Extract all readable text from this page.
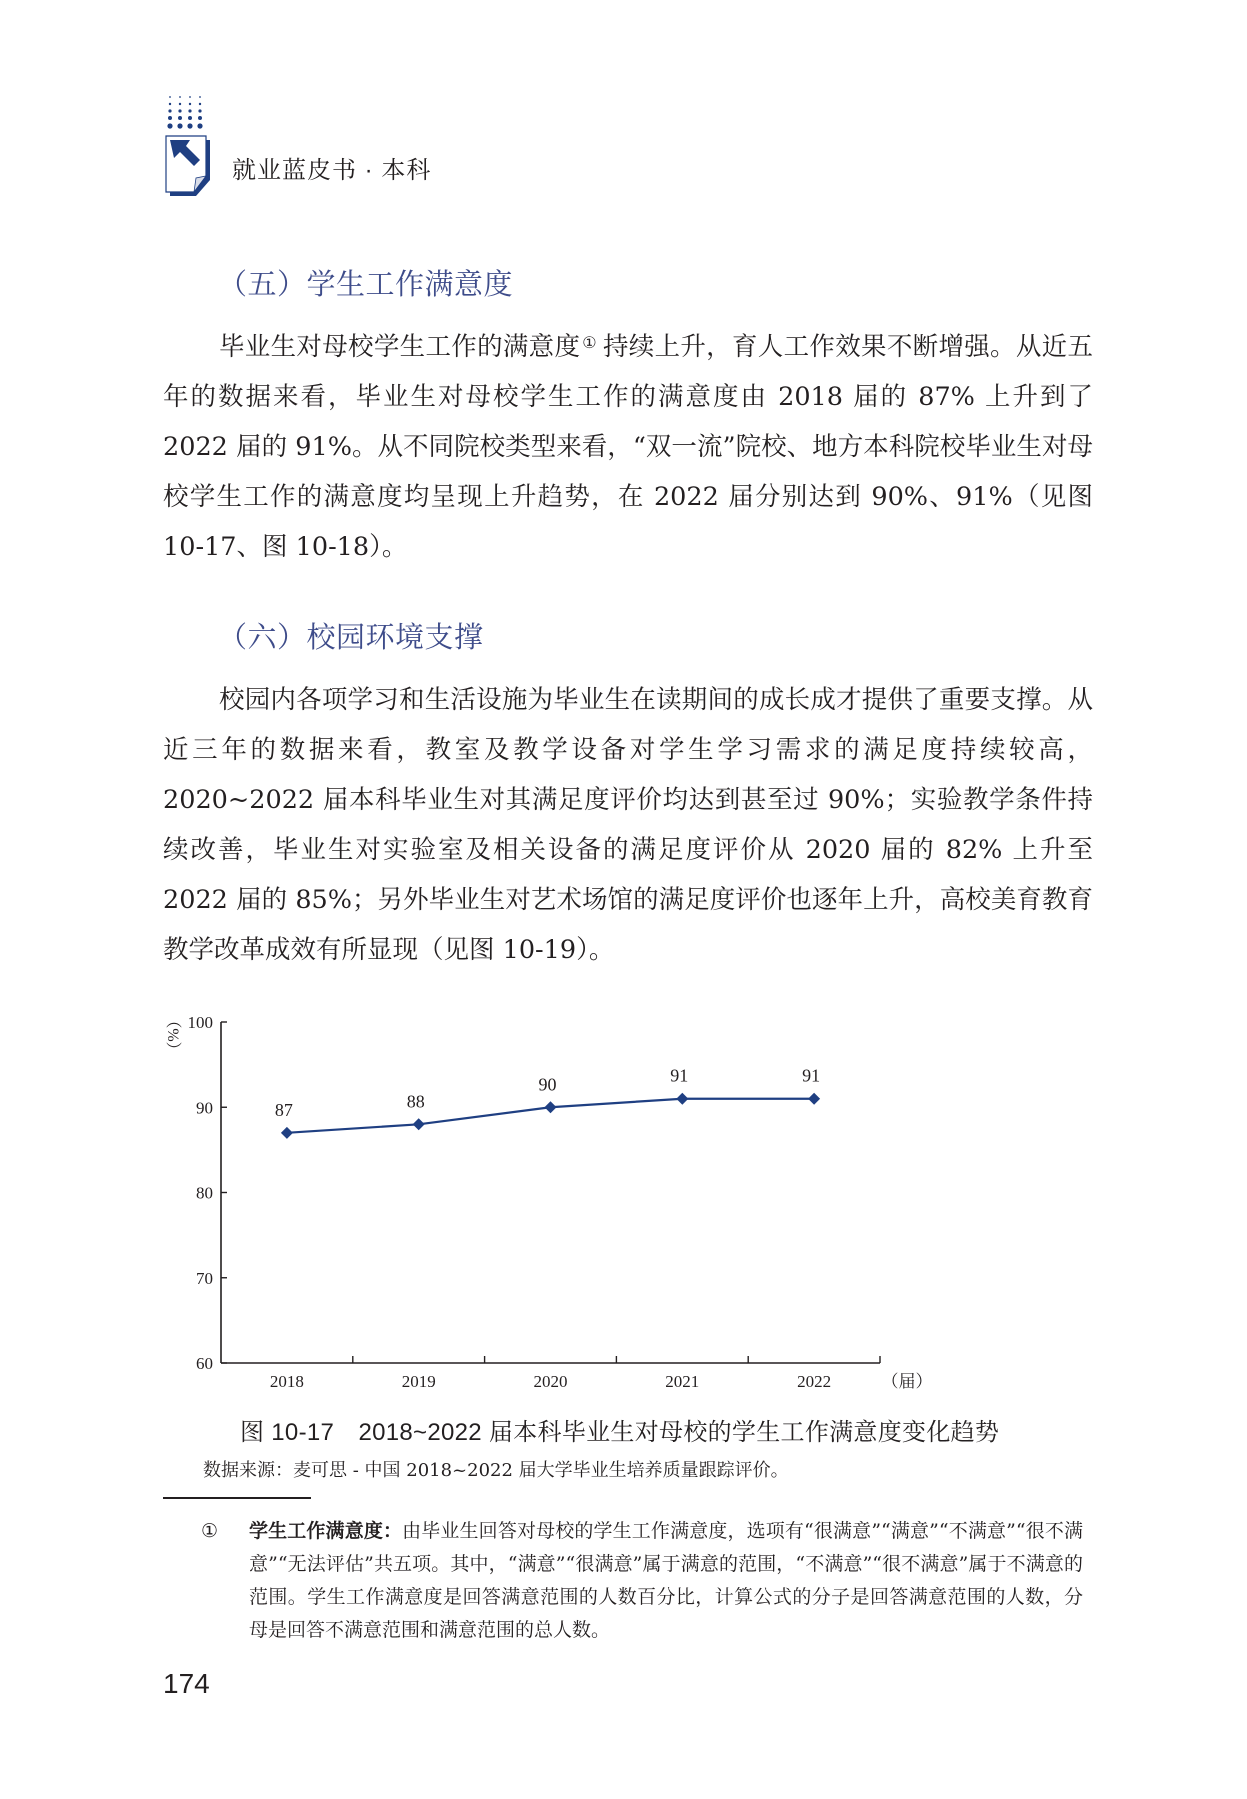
就业蓝皮书 · 本科
（五）学生工作满意度

毕业生对母校学生工作的满意度 ① 持续上升，育人工作效果不断增强。从近五年的数据来看，毕业生对母校学生工作的满意度由 2018 届的 87% 上升到了 2022 届的 91%。从不同院校类型来看，“双一流”院校、地方本科院校毕业生对母校学生工作的满意度均呈现上升趋势，在 2022 届分别达到 90%、91%（见图 10-17、图 10-18）。

（六）校园环境支撑

校园内各项学习和生活设施为毕业生在读期间的成长成才提供了重要支撑。从近三年的数据来看，教室及教学设备对学生学习需求的满足度持续较高，2020~2022 届本科毕业生对其满足度评价均达到甚至过 90%；实验教学条件持续改善，毕业生对实验室及相关设备的满足度评价从 2020 届的 82% 上升至 2022 届的 85%；另外毕业生对艺术场馆的满足度评价也逐年上升，高校美育教育教学改革成效有所显现（见图 10-19）。

60
70
80
90
100
（%）
2018	2019	2020	2021	2022	（届）
87	88
90	91	91
图 10-17　2018~2022 届本科毕业生对母校的学生工作满意度变化趋势
数据来源：麦可思 - 中国 2018~2022 届大学毕业生培养质量跟踪评价。
① 学生工作满意度：由毕业生回答对母校的学生工作满意度，选项有“很满意”“满意”“不满意”“很不满意”“无法评估”共五项。其中，“满意”“很满意”属于满意的范围，“不满意”“很不满意”属于不满意的范围。学生工作满意度是回答满意范围的人数百分比，计算公式的分子是回答满意范围的人数，分母是回答不满意范围和满意范围的总人数。
174
